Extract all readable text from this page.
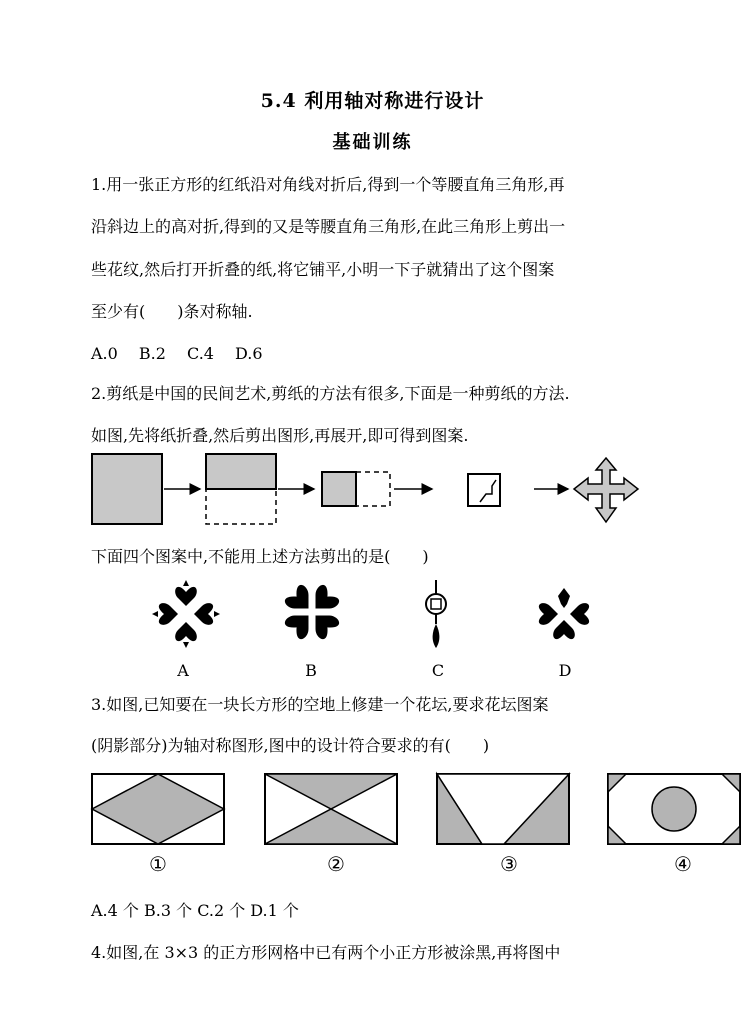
5.4 利用轴对称进行设计
基础训练
1.用一张正方形的红纸沿对角线对折后,得到一个等腰直角三角形,再
沿斜边上的高对折,得到的又是等腰直角三角形,在此三角形上剪出一
些花纹,然后打开折叠的纸,将它铺平,小明一下子就猜出了这个图案
至少有(　　)条对称轴.
A.0　 B.2　 C.4　 D.6
2.剪纸是中国的民间艺术,剪纸的方法有很多,下面是一种剪纸的方法.
如图,先将纸折叠,然后剪出图形,再展开,即可得到图案.
下面四个图案中,不能用上述方法剪出的是(　　)
A	B	C	D
3.如图,已知要在一块长方形的空地上修建一个花坛,要求花坛图案
(阴影部分)为轴对称图形,图中的设计符合要求的有(　　)
①	②	③	④
A.4 个 B.3 个 C.2 个 D.1 个
4.如图,在 3×3 的正方形网格中已有两个小正方形被涂黑,再将图中
